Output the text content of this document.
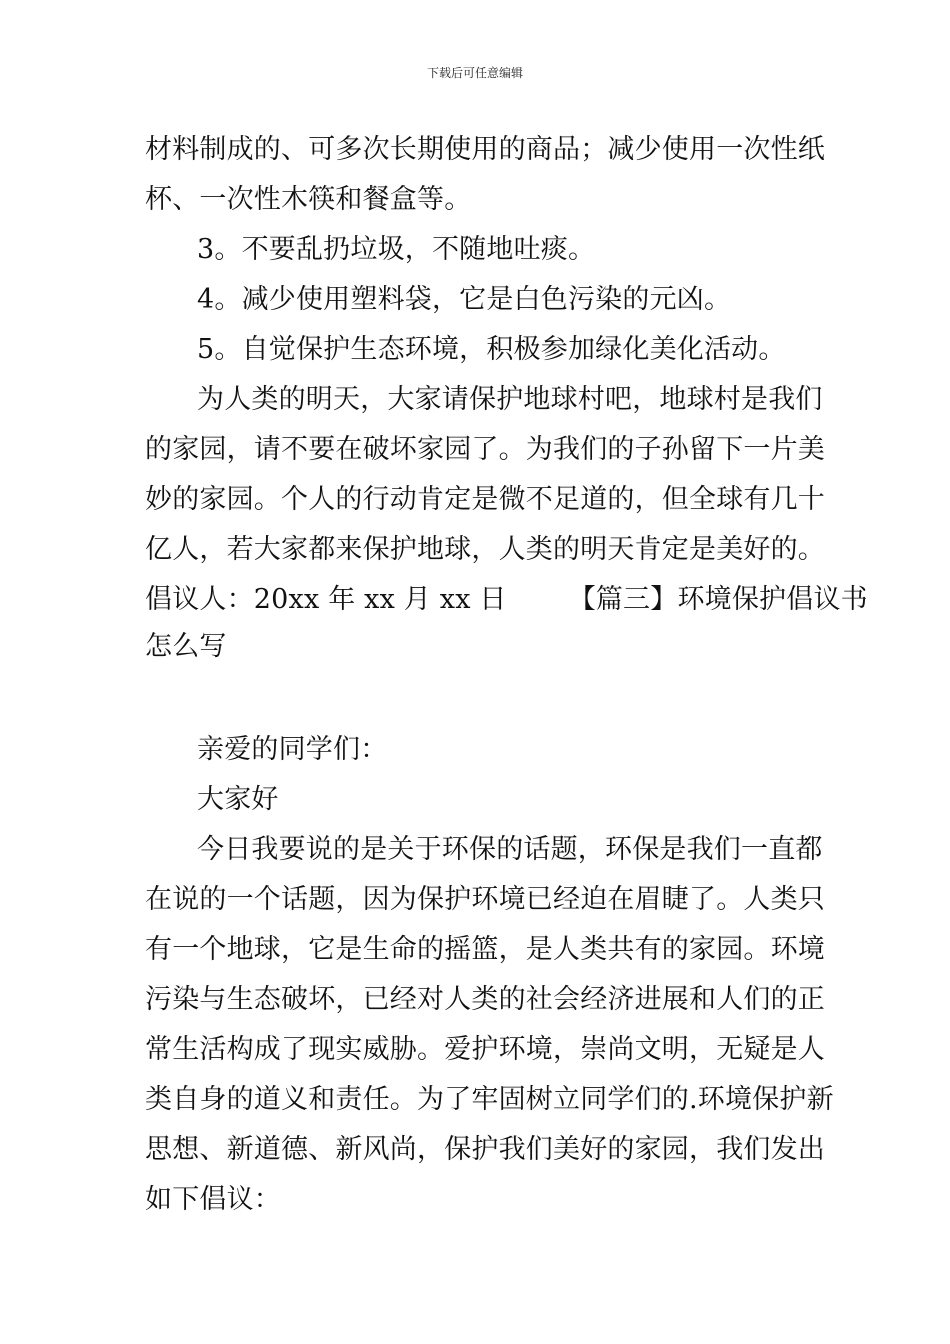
下载后可任意编辑
材料制成的、可多次长期使用的商品；减少使用一次性纸
杯、一次性木筷和餐盒等。
3。不要乱扔垃圾，不随地吐痰。
4。减少使用塑料袋，它是白色污染的元凶。
5。自觉保护生态环境，积极参加绿化美化活动。
为人类的明天，大家请保护地球村吧，地球村是我们
的家园，请不要在破坏家园了。为我们的子孙留下一片美
妙的家园。个人的行动肯定是微不足道的，但全球有几十
亿人，若大家都来保护地球，人类的明天肯定是美好的。
倡议人：20xx 年 xx 月 xx 日 【篇三】环境保护倡议书
怎么写
亲爱的同学们：
大家好
今日我要说的是关于环保的话题，环保是我们一直都
在说的一个话题，因为保护环境已经迫在眉睫了。人类只
有一个地球，它是生命的摇篮，是人类共有的家园。环境
污染与生态破坏，已经对人类的社会经济进展和人们的正
常生活构成了现实威胁。爱护环境，崇尚文明，无疑是人
类自身的道义和责任。为了牢固树立同学们的.环境保护新
思想、新道德、新风尚，保护我们美好的家园，我们发出
如下倡议：
